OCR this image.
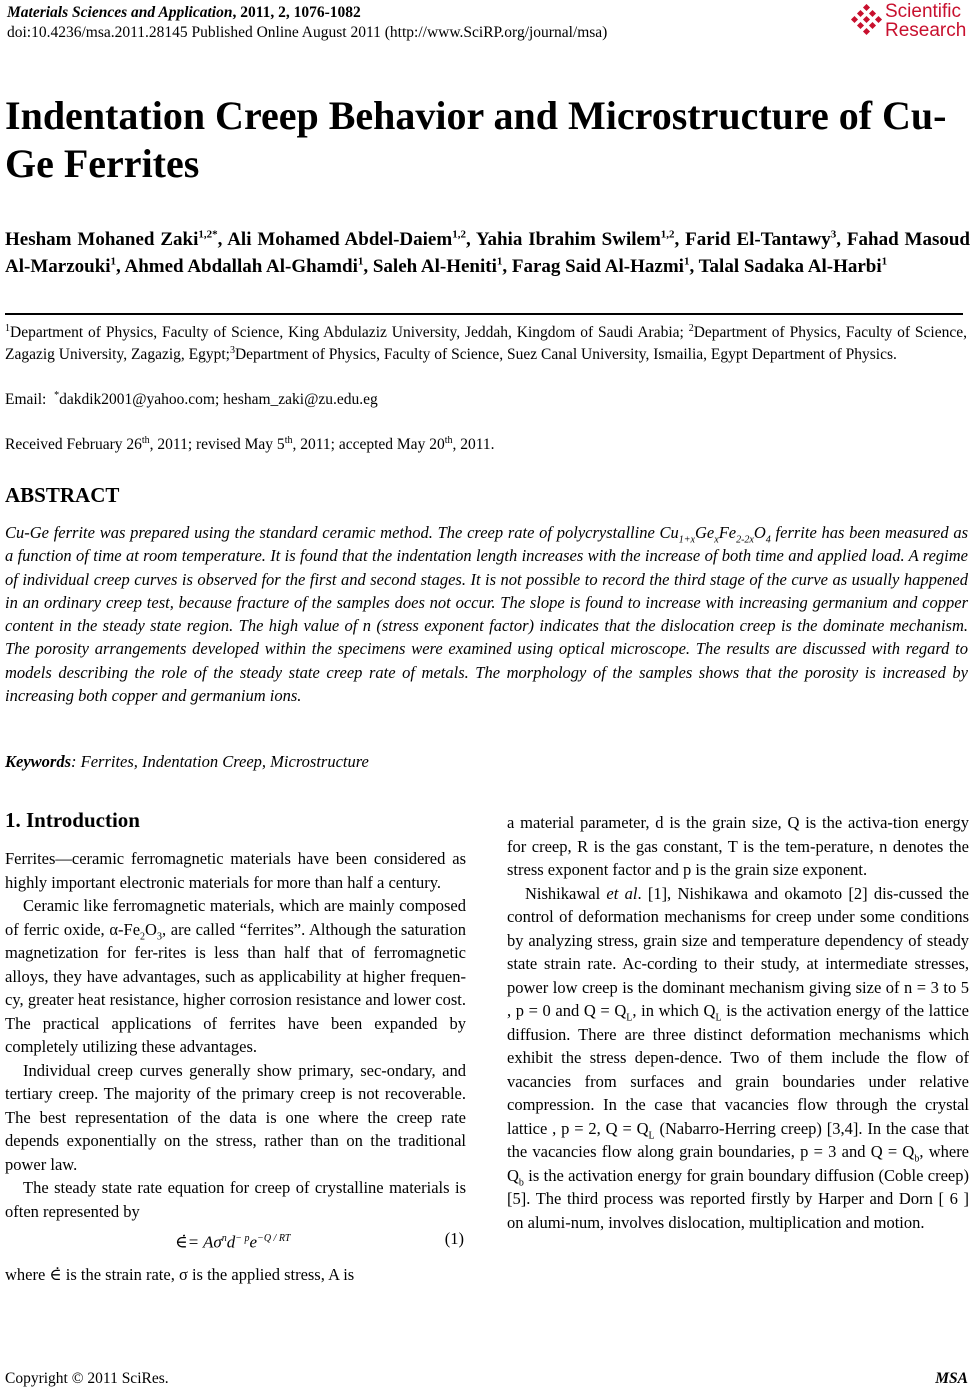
Materials Sciences and Application, 2011, 2, 1076-1082
doi:10.4236/msa.2011.28145 Published Online August 2011 (http://www.SciRP.org/journal/msa)
Scientific
Research
Indentation Creep Behavior and Microstructure of Cu-Ge Ferrites
Hesham Mohaned Zaki$^{1,2*}$, Ali Mohamed Abdel-Daiem$^{1,2}$, Yahia Ibrahim Swilem$^{1,2}$, Farid El-Tantawy$^3$, Fahad Masoud Al-Marzouki$^1$, Ahmed Abdallah Al-Ghamdi$^1$, Saleh Al-Heniti$^1$, Farag Said Al-Hazmi$^1$, Talal Sadaka Al-Harbi$^1$
$^1$Department of Physics, Faculty of Science, King Abdulaziz University, Jeddah, Kingdom of Saudi Arabia; $^2$Department of Physics, Faculty of Science, Zagazig University, Zagazig, Egypt;$^3$Department of Physics, Faculty of Science, Suez Canal University, Ismailia, Egypt Department of Physics.
Email: *dakdik2001@yahoo.com; hesham_zaki@zu.edu.eg
Received February 26th, 2011; revised May 5th, 2011; accepted May 20th, 2011.
ABSTRACT
Cu-Ge ferrite was prepared using the standard ceramic method. The creep rate of polycrystalline $Cu_{1+x}Ge_xFe_{2-2x}O_4$ ferrite has been measured as a function of time at room temperature. It is found that the indentation length increases with the increase of both time and applied load. A regime of individual creep curves is observed for the first and second stages. It is not possible to record the third stage of the curve as usually happened in an ordinary creep test, because fracture of the samples does not occur. The slope is found to increase with increasing germanium and copper content in the steady state region. The high value of n (stress exponent factor) indicates that the dislocation creep is the dominate mechanism. The porosity arrangements developed within the specimens were examined using optical microscope. The results are discussed with regard to models describing the role of the steady state creep rate of metals. The morphology of the samples shows that the porosity is increased by increasing both copper and germanium ions.
Keywords: Ferrites, Indentation Creep, Microstructure
1. Introduction

Ferrites—ceramic ferromagnetic materials have been considered as highly important electronic materials for more than half a century.

Ceramic like ferromagnetic materials, which are mainly composed of ferric oxide, $\alpha-Fe_2O_3$, are called “ferrites”. Although the saturation magnetization for fer-rites is less than half that of ferromagnetic alloys, they have advantages, such as applicability at higher frequen-cy, greater heat resistance, higher corrosion resistance and lower cost. The practical applications of ferrites have been expanded by completely utilizing these advantages.

Individual creep curves generally show primary, sec-ondary, and tertiary creep. The majority of the primary creep is not recoverable. The best representation of the data is one where the creep rate depends exponentially on the stress, rather than on the traditional power law.

The steady state rate equation for creep of crystalline materials is often represented by

∈̇= $A\sigma^nd^{- p}e^{-Q / RT}$	(1)

where ∈̇ is the strain rate, σ is the applied stress, A is

a material parameter, d is the grain size, Q is the activa-tion energy for creep, R is the gas constant, T is the tem-perature, n denotes the stress exponent factor and p is the grain size exponent.

Nishikawal et al. [1], Nishikawa and okamoto [2] dis-cussed the control of deformation mechanisms for creep under some conditions by analyzing stress, grain size and temperature dependency of steady state strain rate. Ac-cording to their study, at intermediate stresses, power low creep is the dominant mechanism giving size of n = 3 to 5 , p = 0 and $Q = Q_L$, in which $Q_L$ is the activation energy of the lattice diffusion. There are three distinct deformation mechanisms which exhibit the stress depen-dence. Two of them include the flow of vacancies from surfaces and grain boundaries under relative compression. In the case that vacancies flow through the crystal lattice , p = 2, $Q = Q_L$ (Nabarro-Herring creep) [3,4]. In the case that the vacancies flow along grain boundaries, p = 3 and $Q = Q_b$, where $Q_b$ is the activation energy for grain boundary diffusion (Coble creep) [5]. The third process was reported firstly by Harper and Dorn [ 6 ] on alumi-num, involves dislocation, multiplication and motion.

Copyright © 2011 SciRes.	MSA
